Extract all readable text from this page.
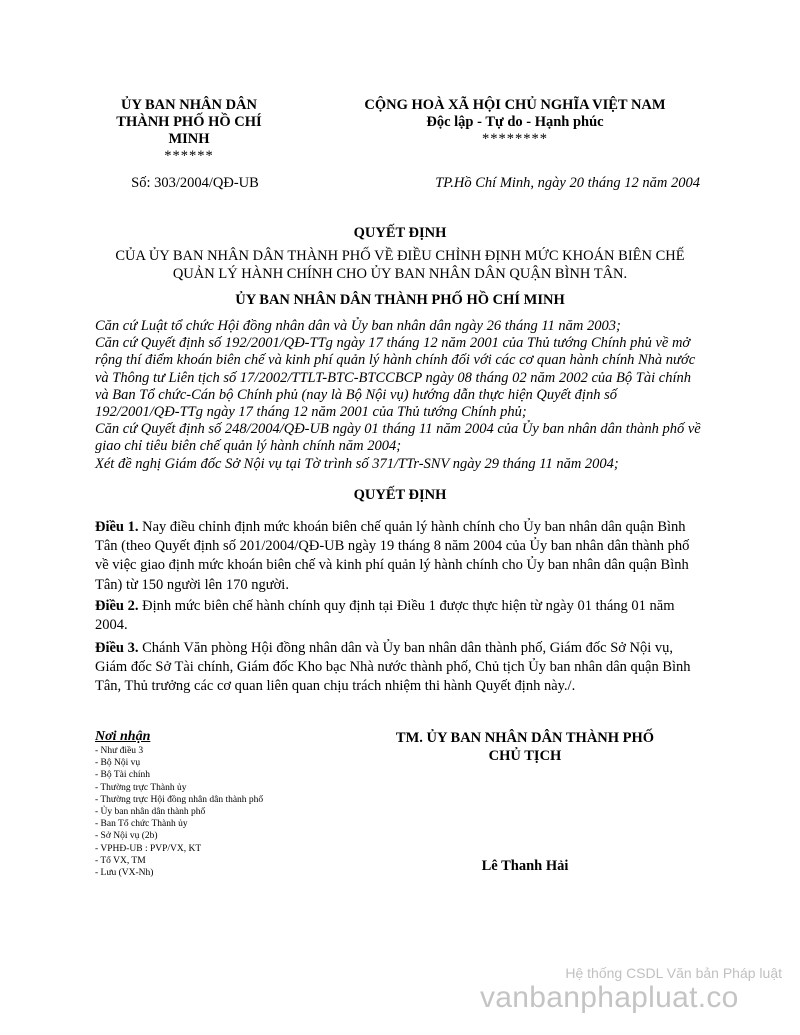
ỦY BAN NHÂN DÂN
THÀNH PHỐ HỒ CHÍ MINH
******
CỘNG HOÀ XÃ HỘI CHỦ NGHĨA VIỆT NAM
Độc lập - Tự do - Hạnh phúc
********
Số: 303/2004/QĐ-UB	TP.Hồ Chí Minh, ngày 20 tháng 12 năm 2004
QUYẾT ĐỊNH
CỦA ỦY BAN NHÂN DÂN THÀNH PHỐ VỀ ĐIỀU CHỈNH ĐỊNH MỨC KHOÁN BIÊN CHẾ QUẢN LÝ HÀNH CHÍNH CHO ỦY BAN NHÂN DÂN QUẬN BÌNH TÂN.
ỦY BAN NHÂN DÂN THÀNH PHỐ HỒ CHÍ MINH

Căn cứ Luật tổ chức Hội đồng nhân dân và Ủy ban nhân dân ngày 26 tháng 11 năm 2003;

Căn cứ Quyết định số 192/2001/QĐ-TTg ngày 17 tháng 12 năm 2001 của Thủ tướng Chính phủ về mở rộng thí điểm khoán biên chế và kinh phí quản lý hành chính đối với các cơ quan hành chính Nhà nước và Thông tư Liên tịch số 17/2002/TTLT-BTC-BTCCBCP ngày 08 tháng 02 năm 2002 của Bộ Tài chính và Ban Tổ chức-Cán bộ Chính phủ (nay là Bộ Nội vụ) hướng dẫn thực hiện Quyết định số 192/2001/QĐ-TTg ngày 17 tháng 12 năm 2001 của Thủ tướng Chính phủ;

Căn cứ Quyết định số 248/2004/QĐ-UB ngày 01 tháng 11 năm 2004 của Ủy ban nhân dân thành phố về giao chỉ tiêu biên chế quản lý hành chính năm 2004;

Xét đề nghị Giám đốc Sở Nội vụ tại Tờ trình số 371/TTr-SNV ngày 29 tháng 11 năm 2004;

QUYẾT ĐỊNH

Điều 1. Nay điều chỉnh định mức khoán biên chế quản lý hành chính cho Ủy ban nhân dân quận Bình Tân (theo Quyết định số 201/2004/QĐ-UB ngày 19 tháng 8 năm 2004 của Ủy ban nhân dân thành phố về việc giao định mức khoán biên chế và kinh phí quản lý hành chính cho Ủy ban nhân dân quận Bình Tân) từ 150 người lên 170 người.

Điều 2. Định mức biên chế hành chính quy định tại Điều 1 được thực hiện từ ngày 01 tháng 01 năm 2004.

Điều 3. Chánh Văn phòng Hội đồng nhân dân và Ủy ban nhân dân thành phố, Giám đốc Sở Nội vụ, Giám đốc Sở Tài chính, Giám đốc Kho bạc Nhà nước thành phố, Chủ tịch Ủy ban nhân dân quận Bình Tân, Thủ trưởng các cơ quan liên quan chịu trách nhiệm thi hành Quyết định này./.

Nơi nhận
- Như điều 3
- Bộ Nội vụ
- Bộ Tài chính
- Thường trực Thành ủy
- Thường trực Hội đồng nhân dân thành phố
- Ủy ban nhân dân thành phố
- Ban Tổ chức Thành ủy
- Sở Nội vụ (2b)
- VPHĐ-UB : PVP/VX, KT
- Tổ VX, TM
- Lưu (VX-Nh)
TM. ỦY BAN NHÂN DÂN THÀNH PHỐ
CHỦ TỊCH
Lê Thanh Hải
Hệ thống CSDL Văn bản Pháp luật
vanbanphapluat.co
